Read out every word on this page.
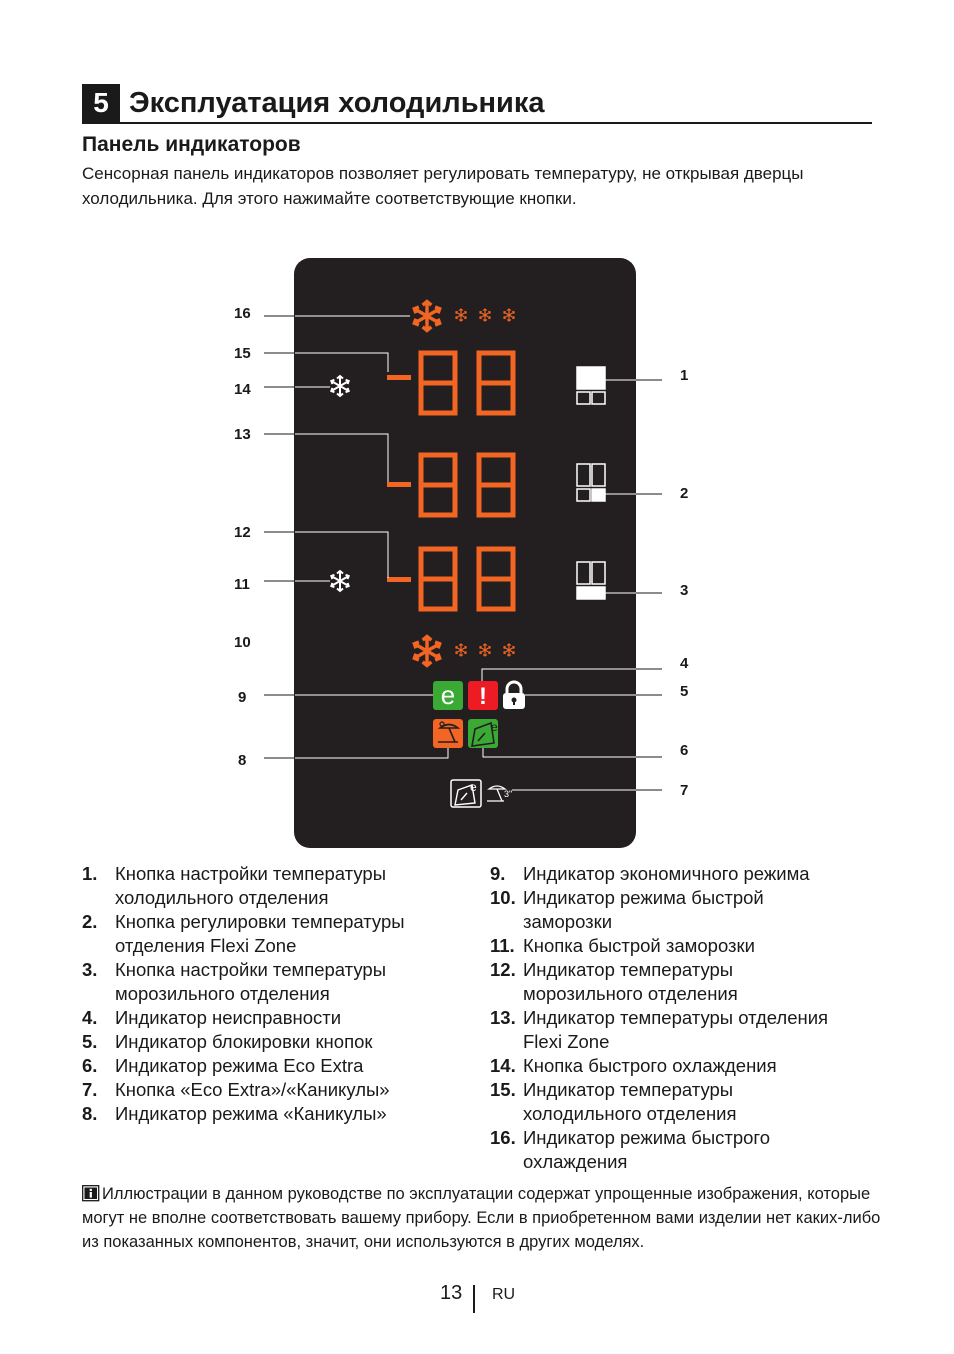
5 Эксплуатация холодильника
Панель индикаторов
Сенсорная панель индикаторов позволяет регулировать температуру, не открывая дверцы холодильника. Для этого нажимайте соответствующие кнопки.
e !
e
e	3"
16
15
14
13
12
11
10
9
8
1
2
3
4
5
6
7
1. Кнопка настройки температуры холодильного отделения
2. Кнопка регулировки температуры отделения Flexi Zone
3. Кнопка настройки температуры морозильного отделения
4. Индикатор неисправности
5. Индикатор блокировки кнопок
6. Индикатор режима Eco Extra
7. Кнопка «Eco Extra»/«Каникулы»
8. Индикатор режима «Каникулы»
9. Индикатор экономичного режима
10. Индикатор режима быстрой заморозки
11. Кнопка быстрой заморозки
12. Индикатор температуры морозильного отделения
13. Индикатор температуры отделения Flexi Zone
14. Кнопка быстрого охлаждения
15. Индикатор температуры холодильного отделения
16. Индикатор режима быстрого охлаждения
Иллюстрации в данном руководстве по эксплуатации содержат упрощенные изображения, которые могут не вполне соответствовать вашему прибору. Если в приобретенном вами изделии нет каких-либо из показанных компонентов, значит, они используются в других моделях.
13 RU
